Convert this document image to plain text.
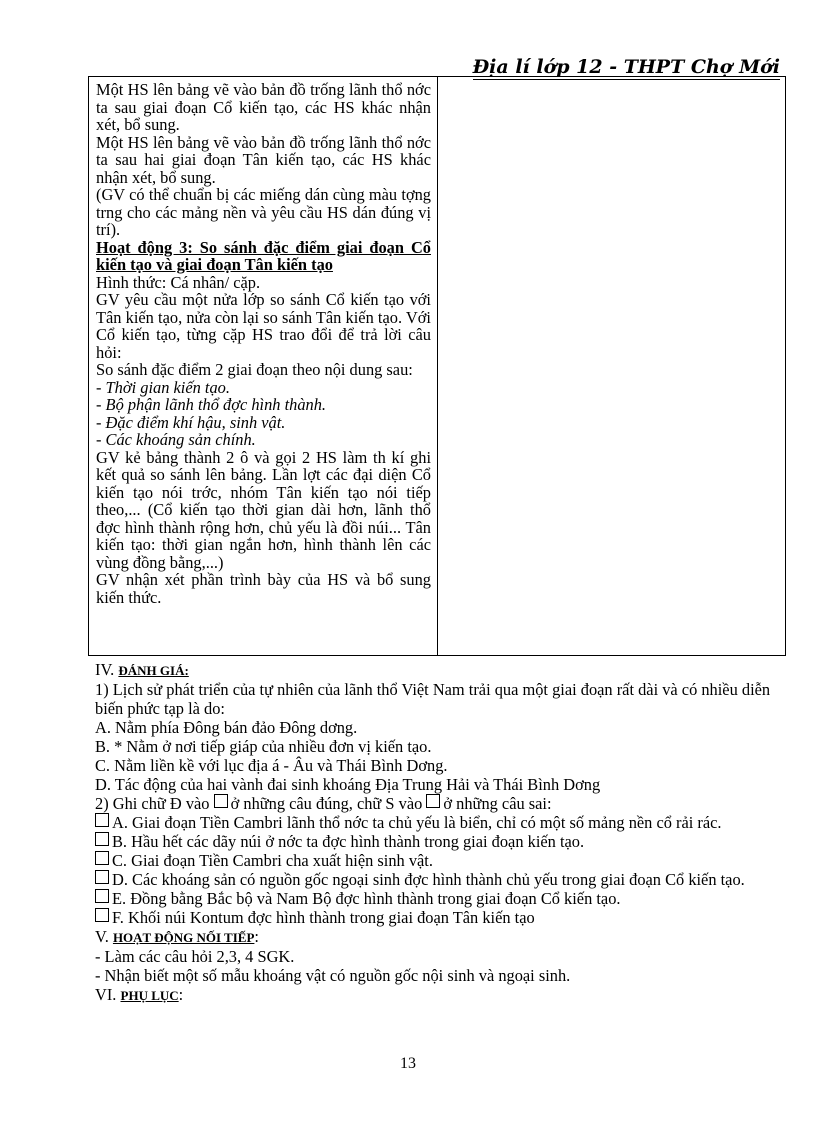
Địa lí lớp 12 - THPT Chợ Mới

Một HS lên bảng vẽ vào bản đồ trống lãnh thổ nớc ta sau giai đoạn Cổ kiến tạo, các HS khác nhận xét, bổ sung.

Một HS lên bảng vẽ vào bản đồ trống lãnh thổ nớc ta sau hai giai đoạn Tân kiến tạo, các HS khác nhận xét, bổ sung.

(GV có thể chuẩn bị các miếng dán cùng màu tợng trng cho các mảng nền và yêu cầu HS dán đúng vị trí).

Hoạt động 3: So sánh đặc điểm giai đoạn Cổ kiến tạo và giai đoạn Tân kiến tạo

Hình thức: Cá nhân/ cặp.

GV yêu cầu một nửa lớp so sánh Cổ kiến tạo với Tân kiến tạo, nửa còn lại so sánh Tân kiến tạo. Với Cổ kiến tạo, từng cặp HS trao đổi để trả lời câu hỏi:

So sánh đặc điểm 2 giai đoạn theo nội dung sau:

- Thời gian kiến tạo.

- Bộ phận lãnh thổ đợc hình thành.

- Đặc điểm khí hậu, sinh vật.

- Các khoáng sản chính.

GV kẻ bảng thành 2 ô và gọi 2 HS làm th kí ghi kết quả so sánh lên bảng. Lần lợt các đại diện Cổ kiến tạo nói trớc, nhóm Tân kiến tạo nói tiếp theo,... (Cổ kiến tạo thời gian dài hơn, lãnh thổ đợc hình thành rộng hơn, chủ yếu là đồi núi... Tân kiến tạo: thời gian ngắn hơn, hình thành lên các vùng đồng bằng,...)

GV nhận xét phần trình bày của HS và bổ sung kiến thức.

IV. ĐÁNH GIÁ:

1) Lịch sử phát triển của tự nhiên của lãnh thổ Việt Nam trải qua một giai đoạn rất dài và có nhiều diễn biến phức tạp là do:

A. Nằm phía Đông bán đảo Đông dơng.

B. * Nằm ở nơi tiếp giáp của nhiều đơn vị kiến tạo.

C. Nằm liền kề với lục địa á - Âu và Thái Bình Dơng.

D. Tác động của hai vành đai sinh khoáng Địa Trung Hải và Thái Bình Dơng

2) Ghi chữ Đ vào ở những câu đúng, chữ S vào ở những câu sai:

A. Giai đoạn Tiền Cambri lãnh thổ nớc ta chủ yếu là biển, chỉ có một số mảng nền cổ rải rác.

B. Hầu hết các dãy núi ở nớc ta đợc hình thành trong giai đoạn kiến tạo.

C. Giai đoạn Tiền Cambri cha xuất hiện sinh vật.

D. Các khoáng sản có nguồn gốc ngoại sinh đợc hình thành chủ yếu trong giai đoạn Cổ kiến tạo.

E. Đồng bằng Bắc bộ và Nam Bộ đợc hình thành trong giai đoạn Cổ kiến tạo.

F. Khối núi Kontum đợc hình thành trong giai đoạn Tân kiến tạo

V. HOẠT ĐỘNG NỐI TIẾP:

- Làm các câu hỏi 2,3, 4 SGK.

- Nhận biết một số mẫu khoáng vật có nguồn gốc nội sinh và ngoại sinh.

VI. PHỤ LỤC:

13
